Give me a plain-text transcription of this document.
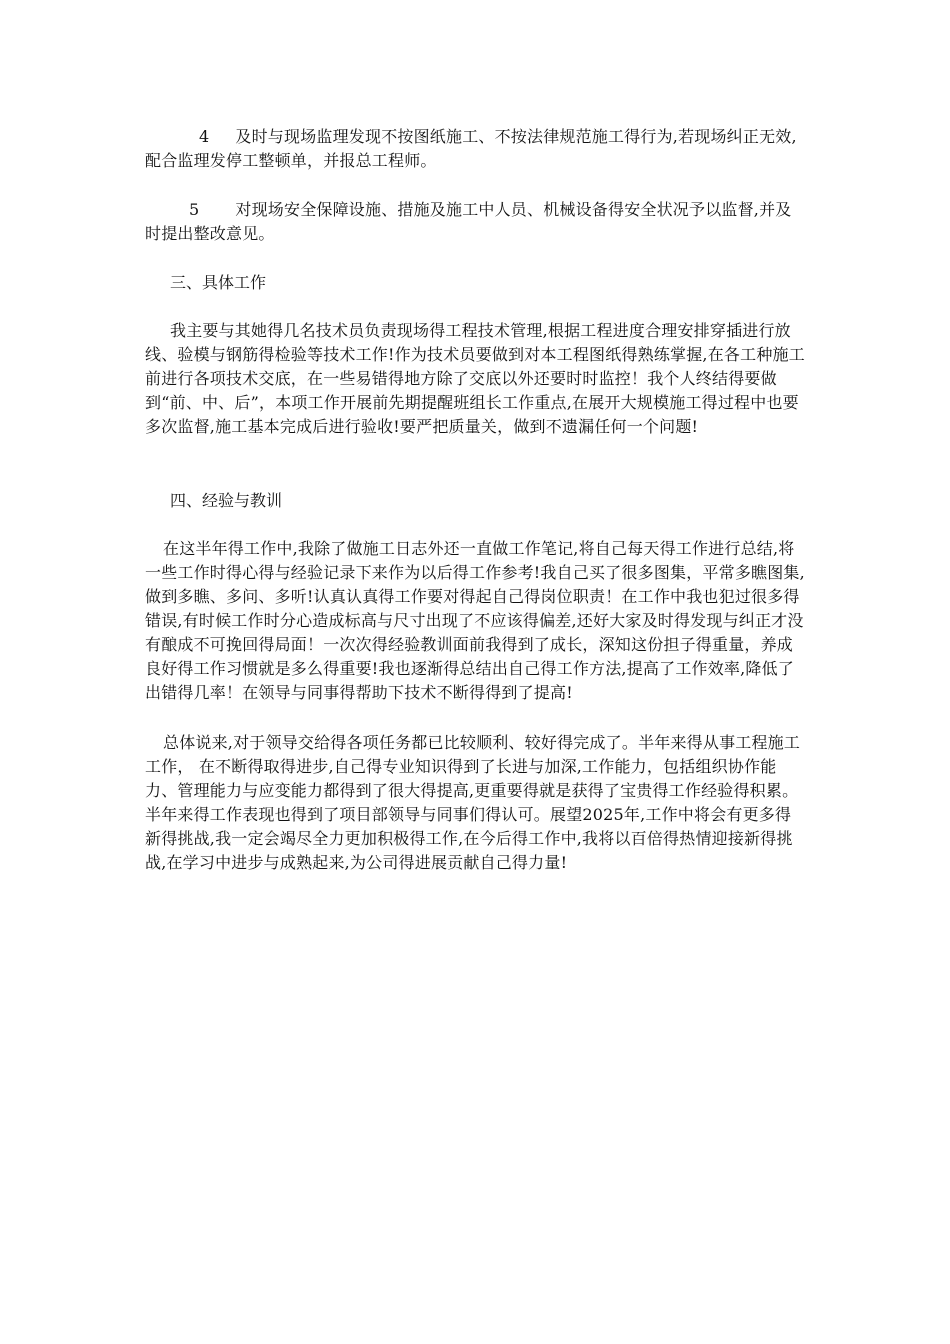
4 及时与现场监理发现不按图纸施工、不按法律规范施工得行为,若现场纠正无效,配合监理发停工整顿单，并报总工程师。

5 对现场安全保障设施、措施及施工中人员、机械设备得安全状况予以监督,并及时提出整改意见。

三、具体工作

我主要与其她得几名技术员负责现场得工程技术管理,根据工程进度合理安排穿插进行放线、验模与钢筋得检验等技术工作!作为技术员要做到对本工程图纸得熟练掌握,在各工种施工前进行各项技术交底，在一些易错得地方除了交底以外还要时时监控！我个人终结得要做到“前、中、后”，本项工作开展前先期提醒班组长工作重点,在展开大规模施工得过程中也要多次监督,施工基本完成后进行验收!要严把质量关，做到不遗漏任何一个问题!

四、经验与教训

在这半年得工作中,我除了做施工日志外还一直做工作笔记,将自己每天得工作进行总结,将一些工作时得心得与经验记录下来作为以后得工作参考!我自己买了很多图集，平常多瞧图集,做到多瞧、多问、多听!认真认真得工作要对得起自己得岗位职责！在工作中我也犯过很多得错误,有时候工作时分心造成标高与尺寸出现了不应该得偏差,还好大家及时得发现与纠正才没有酿成不可挽回得局面！一次次得经验教训面前我得到了成长，深知这份担子得重量，养成良好得工作习惯就是多么得重要!我也逐渐得总结出自己得工作方法,提高了工作效率,降低了出错得几率！在领导与同事得帮助下技术不断得得到了提高!

总体说来,对于领导交给得各项任务都已比较顺利、较好得完成了。半年来得从事工程施工工作， 在不断得取得进步,自己得专业知识得到了长进与加深,工作能力，包括组织协作能力、管理能力与应变能力都得到了很大得提高,更重要得就是获得了宝贵得工作经验得积累。半年来得工作表现也得到了项目部领导与同事们得认可。展望2025年,工作中将会有更多得新得挑战,我一定会竭尽全力更加积极得工作,在今后得工作中,我将以百倍得热情迎接新得挑战,在学习中进步与成熟起来,为公司得进展贡献自己得力量!
